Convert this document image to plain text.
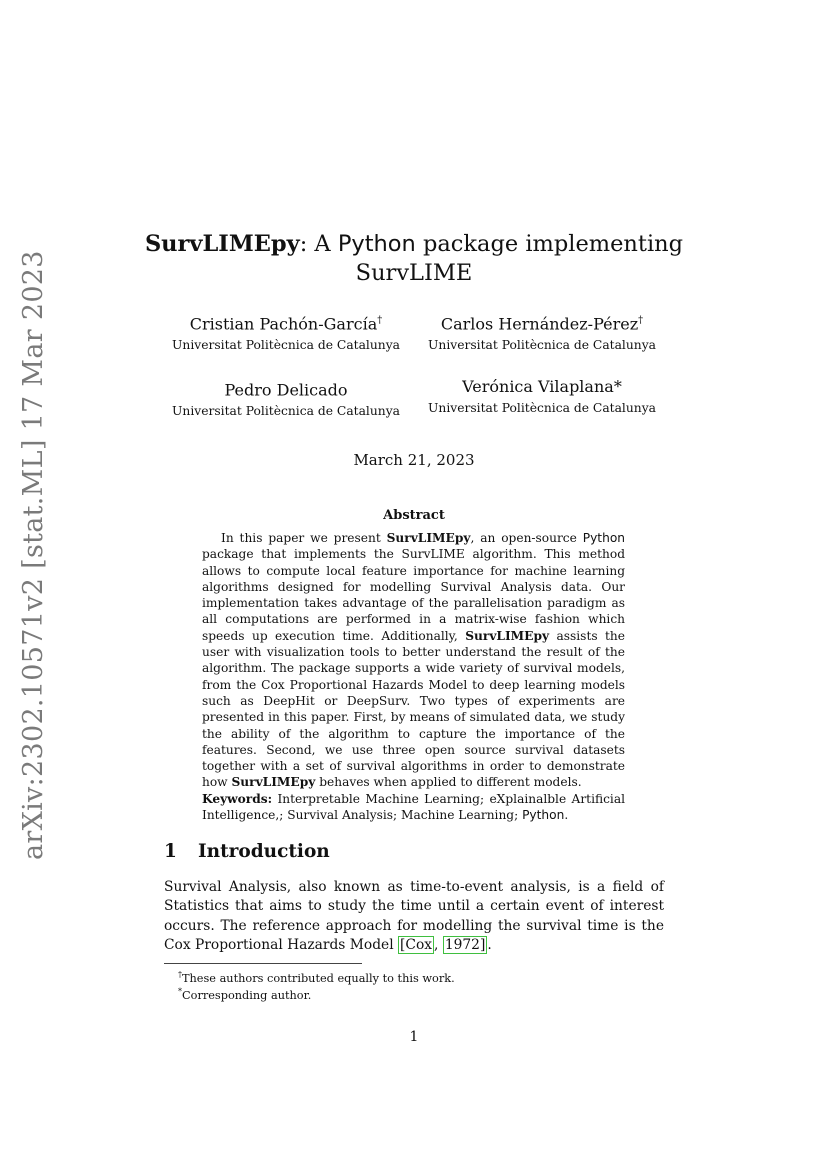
arXiv:2302.10571v2 [stat.ML] 17 Mar 2023
SurvLIMEpy: A Python package implementing
SurvLIME
Cristian Pachón-García†
Universitat Politècnica de Catalunya
Carlos Hernández-Pérez†
Universitat Politècnica de Catalunya
Pedro Delicado
Universitat Politècnica de Catalunya
Verónica Vilaplana*
Universitat Politècnica de Catalunya
March 21, 2023
Abstract

In this paper we present SurvLIMEpy, an open-source Python package that implements the SurvLIME algorithm. This method allows to compute local feature importance for machine learning algorithms designed for modelling Survival Analysis data. Our implementation takes advantage of the parallelisation paradigm as all computations are performed in a matrix-wise fashion which speeds up execution time. Additionally, SurvLIMEpy assists the user with visualization tools to better understand the result of the algorithm. The package supports a wide variety of survival models, from the Cox Proportional Hazards Model to deep learning models such as DeepHit or DeepSurv. Two types of experiments are presented in this paper. First, by means of simulated data, we study the ability of the algorithm to capture the importance of the features. Second, we use three open source survival datasets together with a set of survival algorithms in order to demonstrate how SurvLIMEpy behaves when applied to different models.

Keywords: Interpretable Machine Learning; eXplainalble Artificial Intelligence,; Survival Analysis; Machine Learning; Python.

1 Introduction

Survival Analysis, also known as time-to-event analysis, is a field of Statistics that aims to study the time until a certain event of interest occurs. The reference approach for modelling the survival time is the Cox Proportional Hazards Model [Cox , 1972] .

†These authors contributed equally to this work.
*Corresponding author.
1
